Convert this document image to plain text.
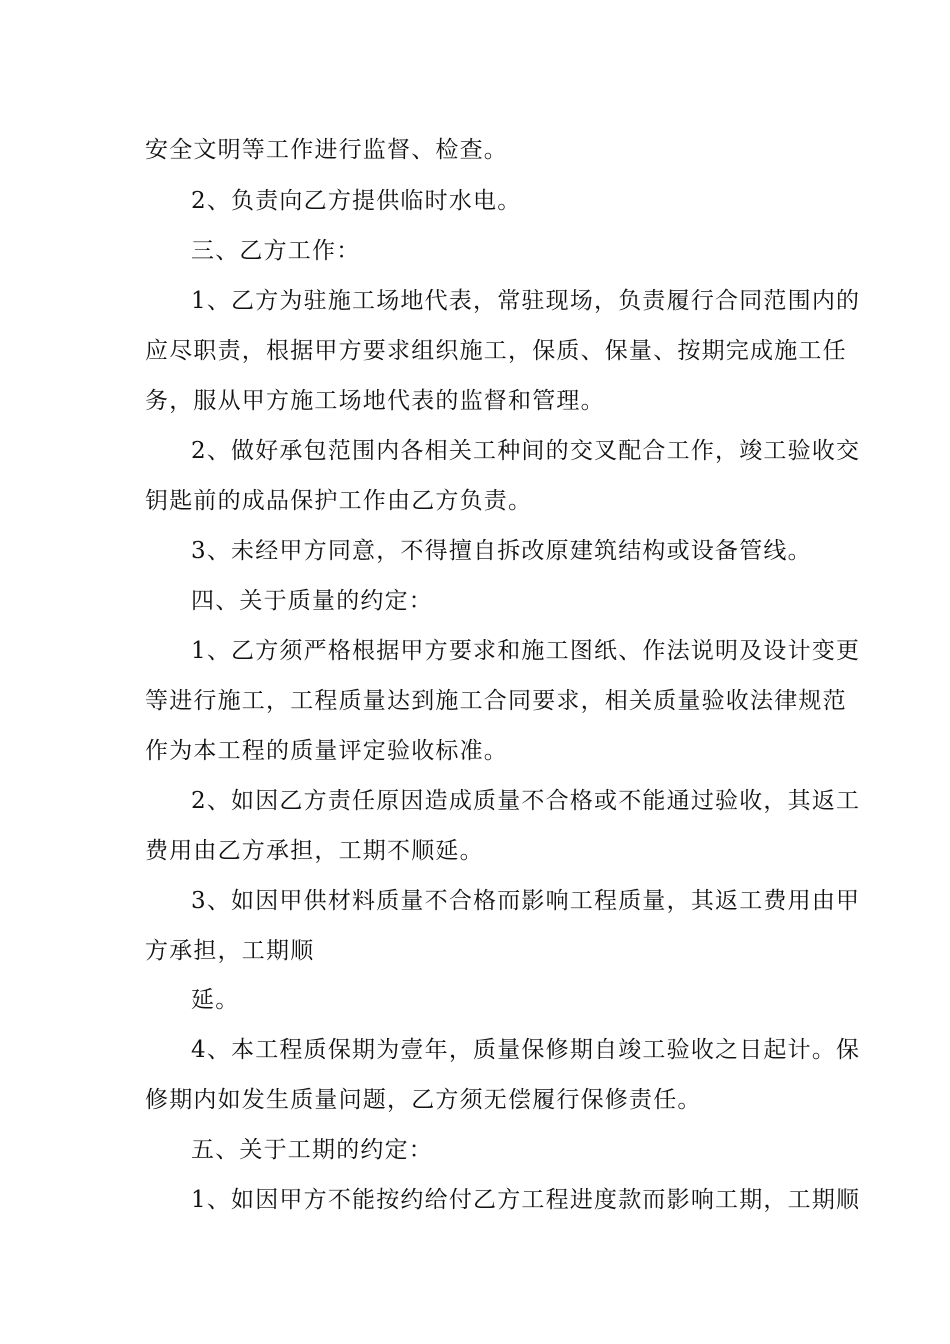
安全文明等工作进行监督、检查。
2、负责向乙方提供临时水电。
三、乙方工作：
1、乙方为驻施工场地代表，常驻现场，负责履行合同范围内的
应尽职责，根据甲方要求组织施工，保质、保量、按期完成施工任
务，服从甲方施工场地代表的监督和管理。
2、做好承包范围内各相关工种间的交叉配合工作，竣工验收交
钥匙前的成品保护工作由乙方负责。
3、未经甲方同意，不得擅自拆改原建筑结构或设备管线。
四、关于质量的约定：
1、乙方须严格根据甲方要求和施工图纸、作法说明及设计变更
等进行施工，工程质量达到施工合同要求，相关质量验收法律规范
作为本工程的质量评定验收标准。
2、如因乙方责任原因造成质量不合格或不能通过验收，其返工
费用由乙方承担，工期不顺延。
3、如因甲供材料质量不合格而影响工程质量，其返工费用由甲
方承担，工期顺
延。
4、本工程质保期为壹年，质量保修期自竣工验收之日起计。保
修期内如发生质量问题，乙方须无偿履行保修责任。
五、关于工期的约定：
1、如因甲方不能按约给付乙方工程进度款而影响工期，工期顺
